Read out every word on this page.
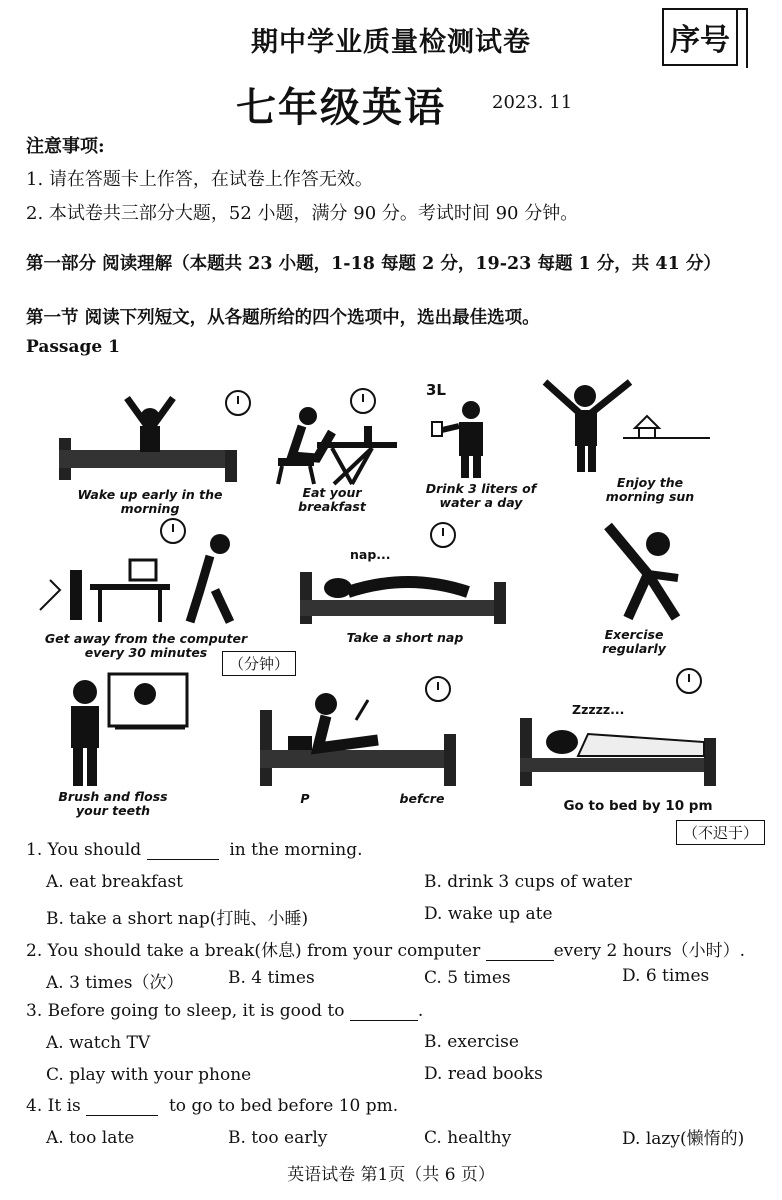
期中学业质量检测试卷
七年级英语	2023. 11
序号
注意事项:
1. 请在答题卡上作答，在试卷上作答无效。
2. 本试卷共三部分大题，52 小题，满分 90 分。考试时间 90 分钟。
第一部分 阅读理解（本题共 23 小题，1-18 每题 2 分，19-23 每题 1 分，共 41 分）
第一节 阅读下列短文，从各题所给的四个选项中，选出最佳选项。
Passage 1
Wake up early in the
morning
Eat your
breakfast
3L
Drink 3 liters of
water a day
Enjoy the
morning sun
Get away from the computer
every 30 minutes
（分钟）
nap...
Take a short nap	Exercise
regularly
Brush and floss
your teeth
P	befcre
Zzzzz...
Go to bed by 10 pm
（不迟于）
1. You should	in the morning.
A. eat breakfast	B. drink 3 cups of water
B. take a short nap(打盹、小睡)	D. wake up ate
2. You should take a break(休息) from your computer	every 2 hours（小时）.
A. 3 times（次）	B. 4 times	C. 5 times	D. 6 times
3. Before going to sleep, it is good to	.
A. watch TV	B. exercise
C. play with your phone	D. read books
4. It is	to go to bed before 10 pm.
A. too late	B. too early	C. healthy	D. lazy(懒惰的)
英语试卷 第1页（共 6 页）
